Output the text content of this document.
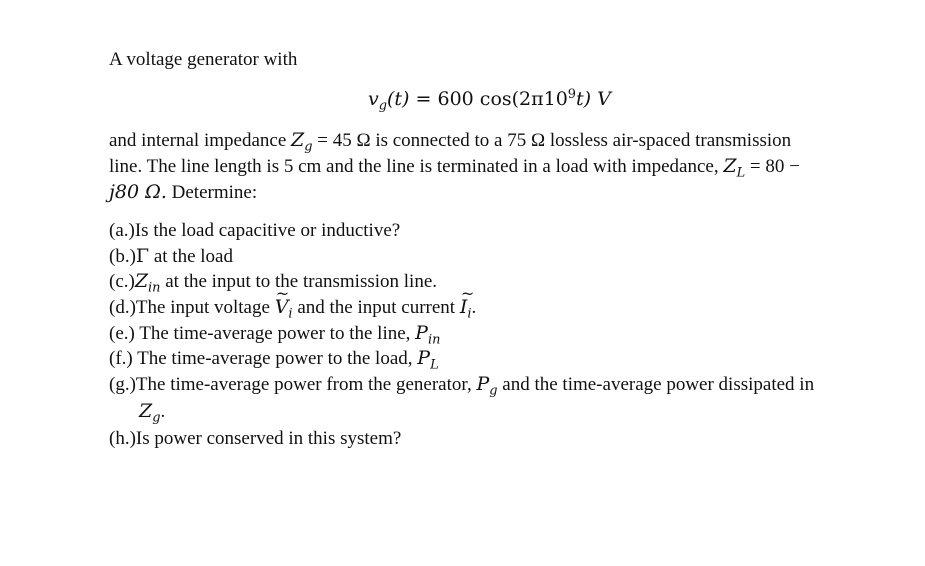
A voltage generator with
$v_g(t) = 600$ $\cos(2\pi 10^9t)$ V
and internal impedance $Z_g = 45$ Ω is connected to a 75 Ω lossless air-spaced transmission
line. The line length is 5 cm and the line is terminated in a load with impedance, $Z_L = 80$ −
j80 Ω. Determine:
(a.)Is the load capacitive or inductive?
(b.)Γ at the load
$(c.)Z_{in}$ at the input to the transmission line.
(d.)The input voltage ~ $V_i$ and the input current ~ $I_i$.
(e.) The time-average power to the line, $P_{in}$
(f.) The time-average power to the load, $P_L$
(g.)The time-average power from the generator, $P_g$ and the time-average power dissipated in
$Z_g$.
(h.)Is power conserved in this system?
